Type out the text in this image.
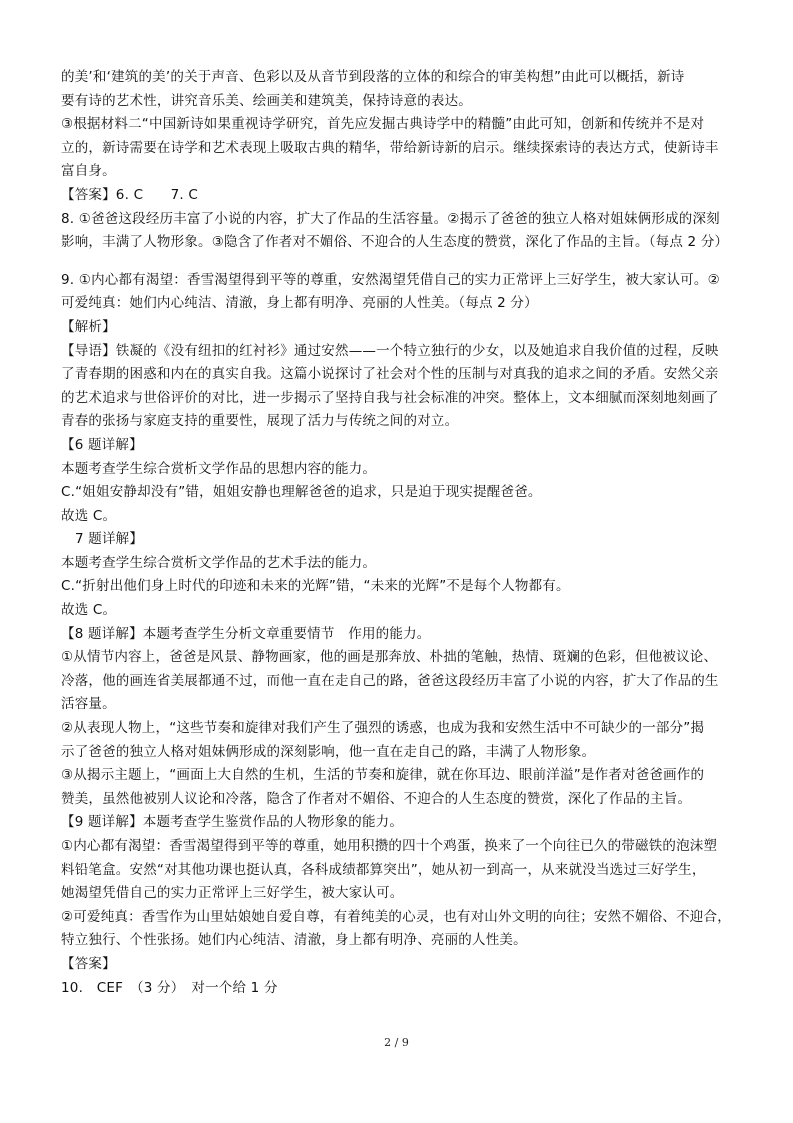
的美’和‘建筑的美’的关于声音、色彩以及从音节到段落的立体的和综合的审美构想”由此可以概括，新诗
要有诗的艺术性，讲究音乐美、绘画美和建筑美，保持诗意的表达。
③根据材料二“中国新诗如果重视诗学研究，首先应发掘古典诗学中的精髓”由此可知，创新和传统并不是对
立的，新诗需要在诗学和艺术表现上吸取古典的精华，带给新诗新的启示。继续探索诗的表达方式，使新诗丰
富自身。
【答案】6. C　　7. C
8. ①爸爸这段经历丰富了小说的内容，扩大了作品的生活容量。②揭示了爸爸的独立人格对姐妹俩形成的深刻
影响，丰满了人物形象。③隐含了作者对不媚俗、不迎合的人生态度的赞赏，深化了作品的主旨。（每点 2 分）
9. ①内心都有渴望：香雪渴望得到平等的尊重，安然渴望凭借自己的实力正常评上三好学生，被大家认可。②
可爱纯真：她们内心纯洁、清澈，身上都有明净、亮丽的人性美。（每点 2 分）
【解析】
【导语】铁凝的《没有纽扣的红衬衫》通过安然——一个特立独行的少女，以及她追求自我价值的过程，反映
了青春期的困惑和内在的真实自我。这篇小说探讨了社会对个性的压制与对真我的追求之间的矛盾。安然父亲
的艺术追求与世俗评价的对比，进一步揭示了坚持自我与社会标准的冲突。整体上，文本细腻而深刻地刻画了
青春的张扬与家庭支持的重要性，展现了活力与传统之间的对立。
【6 题详解】
本题考查学生综合赏析文学作品的思想内容的能力。
C.“姐姐安静却没有”错，姐姐安静也理解爸爸的追求，只是迫于现实提醒爸爸。
故选 C。
7 题详解】
本题考查学生综合赏析文学作品的艺术手法的能力。
C.“折射出他们身上时代的印迹和未来的光辉”错，“未来的光辉”不是每个人物都有。
故选 C。
【8 题详解】本题考查学生分析文章重要情节　作用的能力。
①从情节内容上，爸爸是风景、静物画家，他的画是那奔放、朴拙的笔触，热情、斑斓的色彩，但他被议论、
冷落，他的画连省美展都通不过，而他一直在走自己的路，爸爸这段经历丰富了小说的内容，扩大了作品的生
活容量。
②从表现人物上，“这些节奏和旋律对我们产生了强烈的诱惑，也成为我和安然生活中不可缺少的一部分”揭
示了爸爸的独立人格对姐妹俩形成的深刻影响，他一直在走自己的路，丰满了人物形象。
③从揭示主题上，“画面上大自然的生机，生活的节奏和旋律，就在你耳边、眼前洋溢”是作者对爸爸画作的
赞美，虽然他被别人议论和冷落，隐含了作者对不媚俗、不迎合的人生态度的赞赏，深化了作品的主旨。
【9 题详解】本题考查学生鉴赏作品的人物形象的能力。
①内心都有渴望：香雪渴望得到平等的尊重，她用积攒的四十个鸡蛋，换来了一个向往已久的带磁铁的泡沫塑
料铅笔盒。安然“对其他功课也挺认真，各科成绩都算突出”，她从初一到高一，从来就没当选过三好学生，
她渴望凭借自己的实力正常评上三好学生，被大家认可。
②可爱纯真：香雪作为山里姑娘她自爱自尊，有着纯美的心灵，也有对山外文明的向往；安然不媚俗、不迎合，
特立独行、个性张扬。她们内心纯洁、清澈，身上都有明净、亮丽的人性美。
【答案】
10.　CEF　（3 分）　对一个给 1 分
2 / 9
